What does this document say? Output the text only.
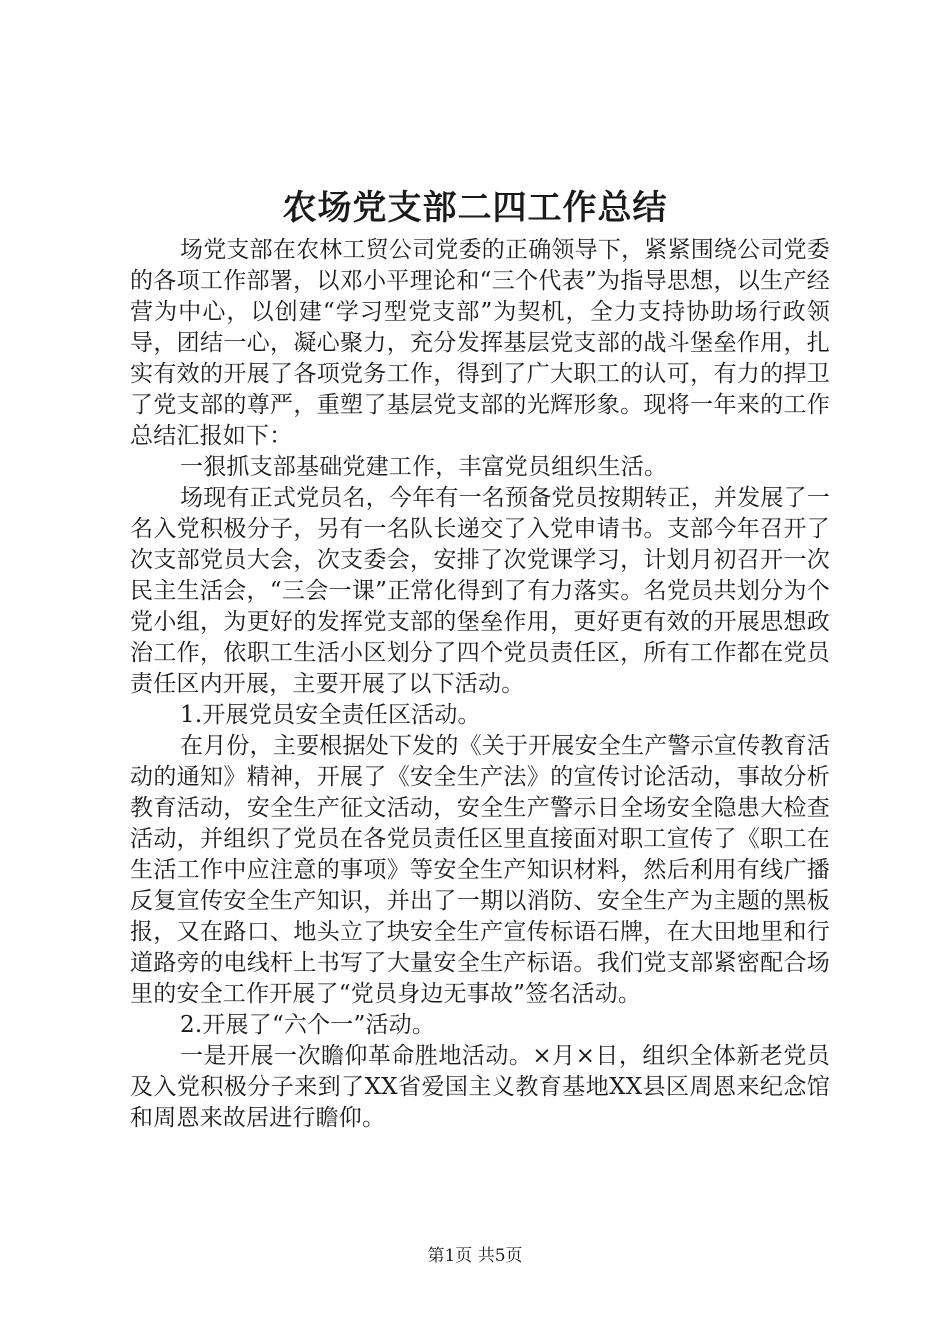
农场党支部二四工作总结

场党支部在农林工贸公司党委的正确领导下，紧紧围绕公司党委的各项工作部署，以邓小平理论和“三个代表”为指导思想，以生产经营为中心，以创建“学习型党支部”为契机，全力支持协助场行政领导，团结一心，凝心聚力，充分发挥基层党支部的战斗堡垒作用，扎实有效的开展了各项党务工作，得到了广大职工的认可，有力的捍卫了党支部的尊严，重塑了基层党支部的光辉形象。现将一年来的工作总结汇报如下：

一狠抓支部基础党建工作，丰富党员组织生活。

场现有正式党员名，今年有一名预备党员按期转正，并发展了一名入党积极分子，另有一名队长递交了入党申请书。支部今年召开了次支部党员大会，次支委会，安排了次党课学习，计划月初召开一次民主生活会，“三会一课”正常化得到了有力落实。名党员共划分为个党小组，为更好的发挥党支部的堡垒作用，更好更有效的开展思想政治工作，依职工生活小区划分了四个党员责任区，所有工作都在党员责任区内开展，主要开展了以下活动。

1.开展党员安全责任区活动。

在月份，主要根据处下发的《关于开展安全生产警示宣传教育活动的通知》精神，开展了《安全生产法》的宣传讨论活动，事故分析教育活动，安全生产征文活动，安全生产警示日全场安全隐患大检查活动，并组织了党员在各党员责任区里直接面对职工宣传了《职工在生活工作中应注意的事项》等安全生产知识材料，然后利用有线广播反复宣传安全生产知识，并出了一期以消防、安全生产为主题的黑板报，又在路口、地头立了块安全生产宣传标语石牌，在大田地里和行道路旁的电线杆上书写了大量安全生产标语。我们党支部紧密配合场里的安全工作开展了“党员身边无事故”签名活动。

2.开展了“六个一”活动。

一是开展一次瞻仰革命胜地活动。×月×日，组织全体新老党员及入党积极分子来到了XX省爱国主义教育基地XX县区周恩来纪念馆和周恩来故居进行瞻仰。

第1页 共5页
